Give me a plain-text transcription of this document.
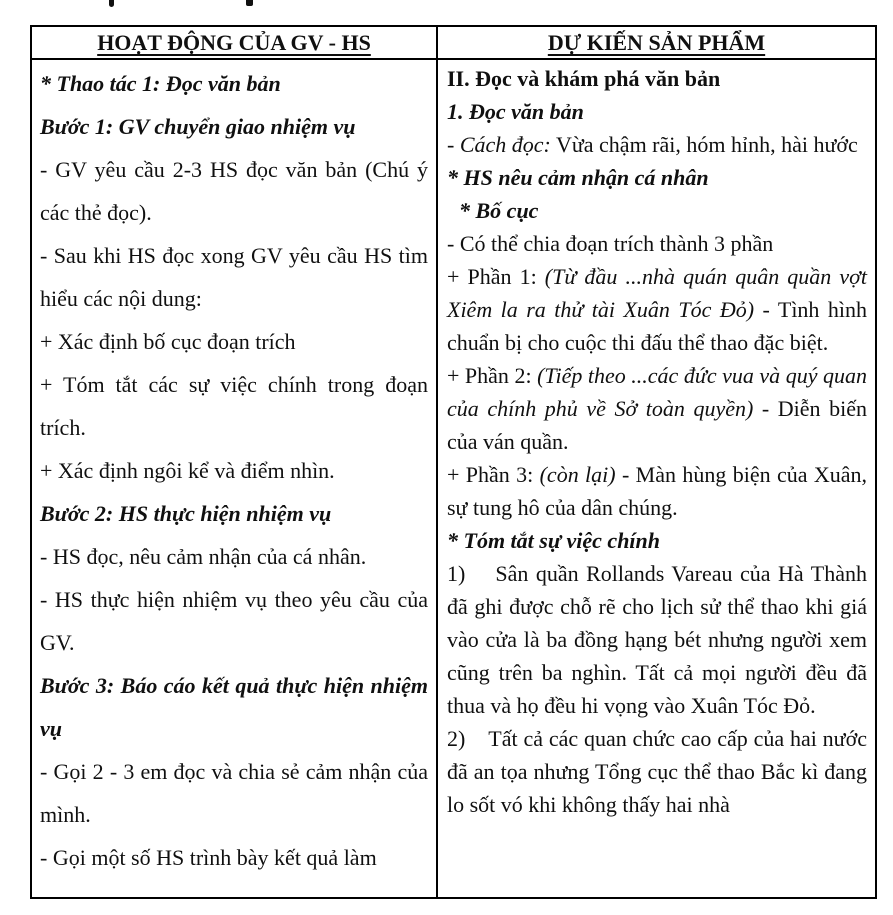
HOẠT ĐỘNG CỦA GV - HS	DỰ KIẾN SẢN PHẨM

* Thao tác 1: Đọc văn bản

Bước 1: GV chuyển giao nhiệm vụ

- GV yêu cầu 2-3 HS đọc văn bản (Chú ý các thẻ đọc).

- Sau khi HS đọc xong GV yêu cầu HS tìm hiểu các nội dung:

+ Xác định bố cục đoạn trích

+ Tóm tắt các sự việc chính trong đoạn trích.

+ Xác định ngôi kể và điểm nhìn.

Bước 2: HS thực hiện nhiệm vụ

- HS đọc, nêu cảm nhận của cá nhân.

- HS thực hiện nhiệm vụ theo yêu cầu của GV.

Bước 3: Báo cáo kết quả thực hiện nhiệm vụ

- Gọi 2 - 3 em đọc và chia sẻ cảm nhận của mình.

- Gọi một số HS trình bày kết quả làm

II. Đọc và khám phá văn bản

1. Đọc văn bản

- Cách đọc: Vừa chậm rãi, hóm hỉnh, hài hước

* HS nêu cảm nhận cá nhân

* Bố cục

- Có thể chia đoạn trích thành 3 phần

+ Phần 1: (Từ đầu ...nhà quán quân quần vợt Xiêm la ra thử tài Xuân Tóc Đỏ) - Tình hình chuẩn bị cho cuộc thi đấu thể thao đặc biệt.

+ Phần 2: (Tiếp theo ...các đức vua và quý quan của chính phủ về Sở toàn quyền) - Diễn biến của ván quần.

+ Phần 3: (còn lại) - Màn hùng biện của Xuân, sự tung hô của dân chúng.

* Tóm tắt sự việc chính

1)    Sân quần Rollands Vareau của Hà Thành đã ghi được chỗ rẽ cho lịch sử thể thao khi giá vào cửa là ba đồng hạng bét nhưng người xem cũng trên ba nghìn. Tất cả mọi người đều đã thua và họ đều hi vọng vào Xuân Tóc Đỏ.

2)    Tất cả các quan chức cao cấp của hai nước đã an tọa nhưng Tổng cục thể thao Bắc kì đang lo sốt vó khi không thấy hai nhà
